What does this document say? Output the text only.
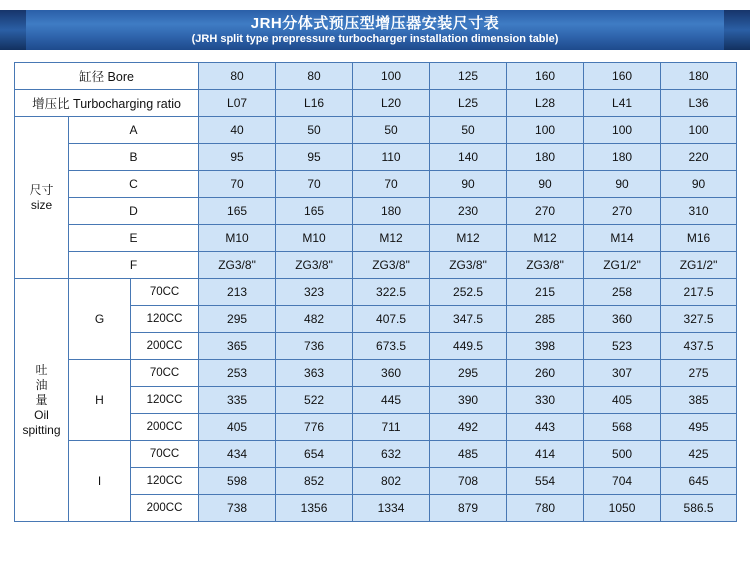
JRH分体式预压型增压器安装尺寸表
(JRH split type prepressure turbocharger installation dimension table)
缸径 Bore			80	80	100	125	160	160	180
增压比 Turbocharging ratio			L07	L16	L20	L25	L28	L41	L36

尺寸
size	A		40	50	50	50	100	100	100
	B		95	95	110	140	180	180	220
	C		70	70	70	90	90	90	90
	D		165	165	180	230	270	270	310
	E		M10	M10	M12	M12	M12	M14	M16
	F		ZG3/8"	ZG3/8"	ZG3/8"	ZG3/8"	ZG3/8"	ZG1/2"	ZG1/2"

吐
油
量
Oil
spitting	G	70CC	213	323	322.5	252.5	215	258	217.5
		120CC	295	482	407.5	347.5	285	360	327.5
		200CC	365	736	673.5	449.5	398	523	437.5
	H	70CC	253	363	360	295	260	307	275
		120CC	335	522	445	390	330	405	385
		200CC	405	776	711	492	443	568	495
	I	70CC	434	654	632	485	414	500	425
		120CC	598	852	802	708	554	704	645
		200CC	738	1356	1334	879	780	1050	586.5
